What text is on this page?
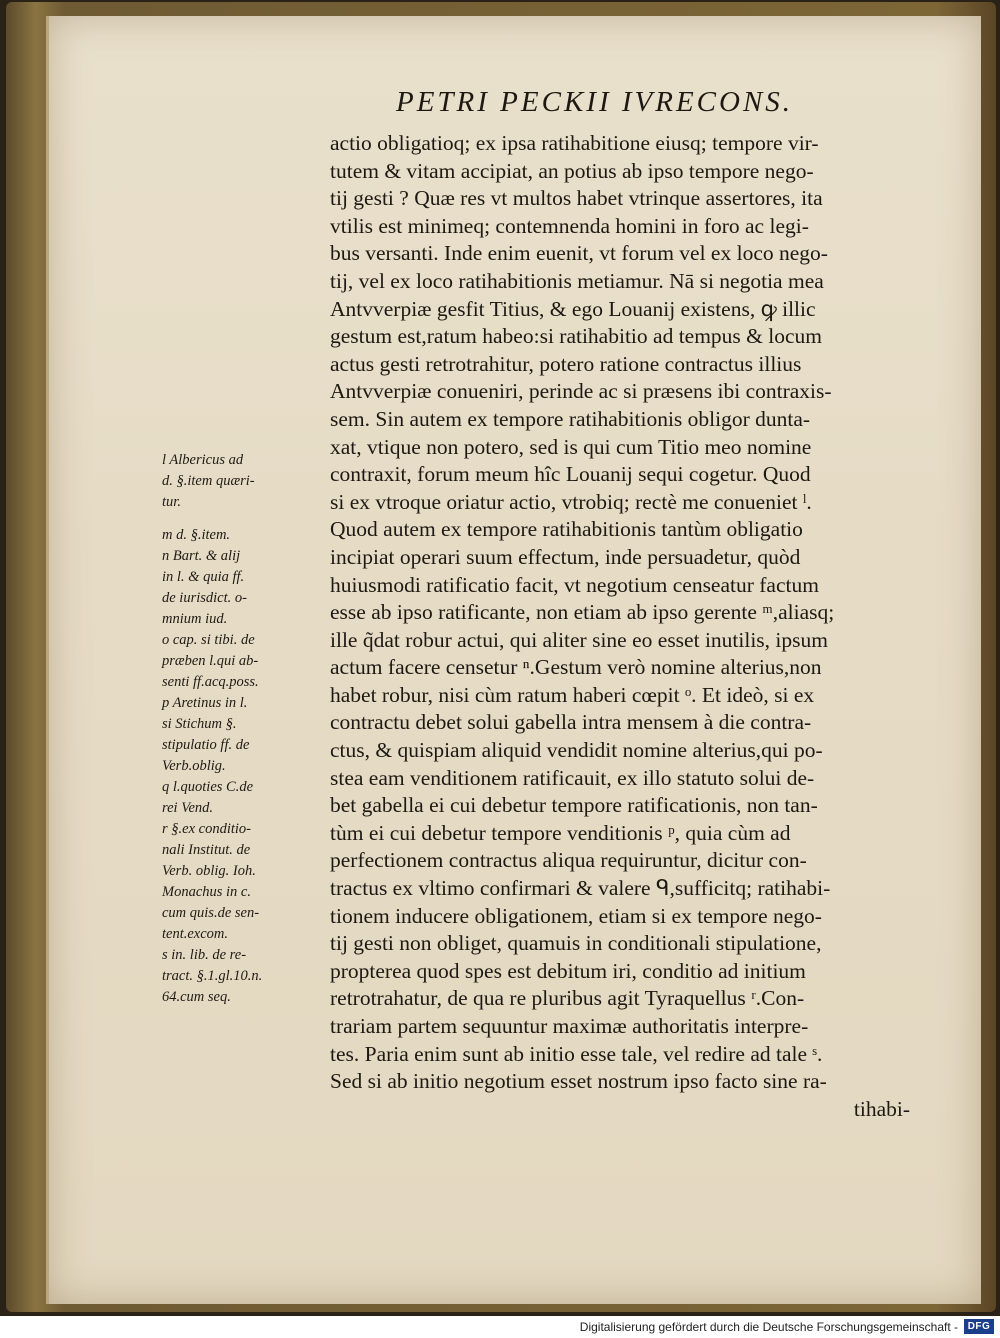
PETRI PECKII IVRECONS.
actio obligatioq; ex ipsa ratihabitione eiusq; tempore vir-
tutem & vitam accipiat, an potius ab ipso tempore nego-
tij gesti ? Quæ res vt multos habet vtrinque assertores, ita
vtilis est minimeq; contemnenda homini in foro ac legi-
bus versanti. Inde enim euenit, vt forum vel ex loco nego-
tij, vel ex loco ratihabitionis metiamur. Nā si negotia mea
Antvverpiæ gesfit Titius, & ego Louanij existens, ꝙ illic
gestum est,ratum habeo:si ratihabitio ad tempus & locum
actus gesti retrotrahitur, potero ratione contractus illius
Antvverpiæ conueniri, perinde ac si præsens ibi contraxis-
sem. Sin autem ex tempore ratihabitionis obligor dunta-
xat, vtique non potero, sed is qui cum Titio meo nomine
contraxit, forum meum hîc Louanij sequi cogetur. Quod
si ex vtroque oriatur actio, vtrobiq; rectè me conueniet ˡ.
Quod autem ex tempore ratihabitionis tantùm obligatio
incipiat operari suum effectum, inde persuadetur, quòd
huiusmodi ratificatio facit, vt negotium censeatur factum
esse ab ipso ratificante, non etiam ab ipso gerente ᵐ,aliasq;
ille q̃dat robur actui, qui aliter sine eo esset inutilis, ipsum
actum facere censetur ⁿ.Gestum verò nomine alterius,non
habet robur, nisi cùm ratum haberi cœpit ᵒ. Et ideò, si ex
contractu debet solui gabella intra mensem à die contra-
ctus, & quispiam aliquid vendidit nomine alterius,qui po-
stea eam venditionem ratificauit, ex illo statuto solui de-
bet gabella ei cui debetur tempore ratificationis, non tan-
tùm ei cui debetur tempore venditionis ᵖ, quia cùm ad
perfectionem contractus aliqua requiruntur, dicitur con-
tractus ex vltimo confirmari & valere ᑫ,sufficitq; ratihabi-
tionem inducere obligationem, etiam si ex tempore nego-
tij gesti non obliget, quamuis in conditionali stipulatione,
propterea quod spes est debitum iri, conditio ad initium
retrotrahatur, de qua re pluribus agit Tyraquellus ʳ.Con-
trariam partem sequuntur maximæ authoritatis interpre-
tes. Paria enim sunt ab initio esse tale, vel redire ad tale ˢ.
Sed si ab initio negotium esset nostrum ipso facto sine ra-
tihabi-
l Albericus ad
d. §.item quæri-
tur.
m d. §.item.
n Bart. & alij
in l. & quia ff.
de iurisdict. o-
mnium iud.
o cap. si tibi. de
præben l.qui ab-
senti ff.acq.poss.
p Aretinus in l.
si Stichum §.
stipulatio ff. de
Verb.oblig.
q l.quoties C.de
rei Vend.
r §.ex conditio-
nali Institut. de
Verb. oblig. Ioh.
Monachus in c.
cum quis.de sen-
tent.excom.
s in. lib. de re-
tract. §.1.gl.10.n.
64.cum seq.
Digitalisierung gefördert durch die Deutsche Forschungsgemeinschaft - DFG
